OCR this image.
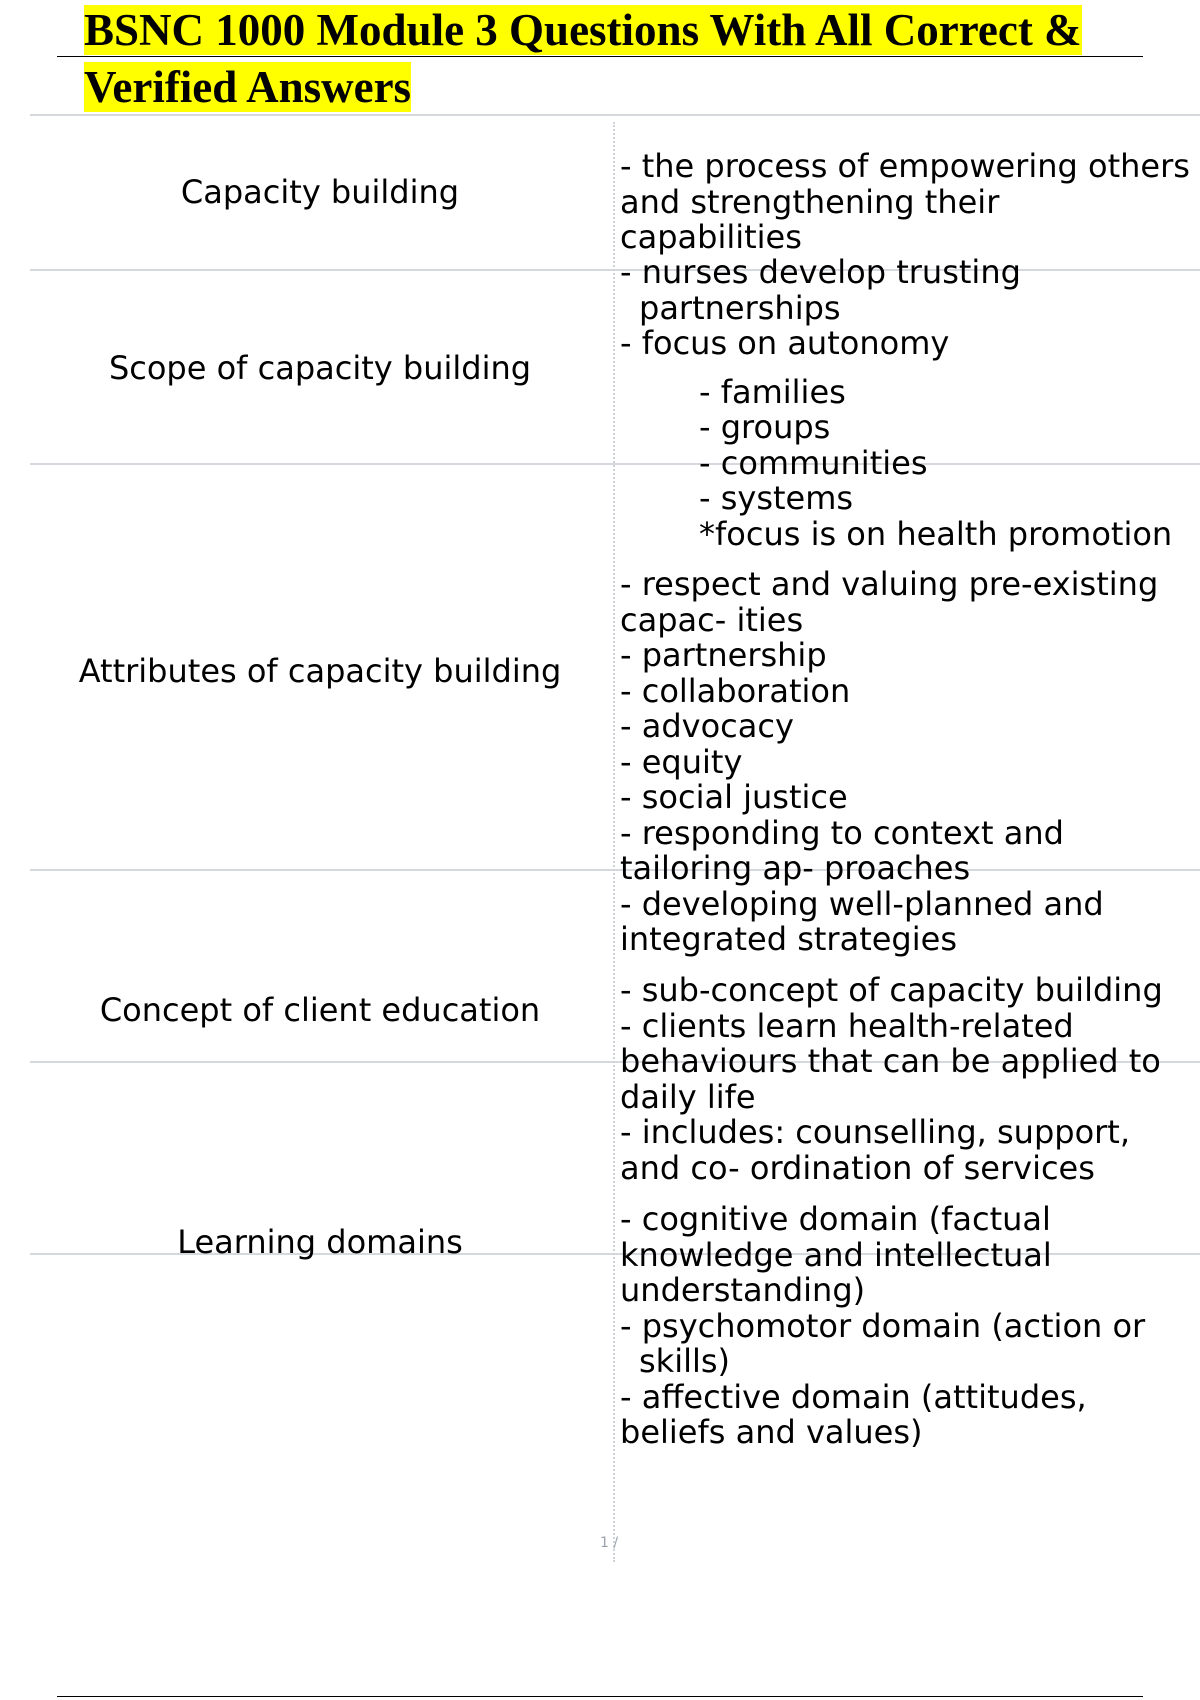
BSNC 1000 Module 3 Questions With All Correct & Verified Answers
Capacity building
- the process of empowering others and strengthening their capabilities
Scope of capacity building
- nurses develop trusting partnerships
- focus on autonomy
- families
- groups
- communities
- systems
*focus is on health promotion
Attributes of capacity building
- respect and valuing pre-existing capac- ities
- partnership
- collaboration
- advocacy
- equity
- social justice
- responding to context and tailoring ap- proaches
- developing well-planned and integrated strategies
Concept of client education
- sub-concept of capacity building
- clients learn health-related behaviours that can be applied to daily life
- includes: counselling, support, and co- ordination of services
Learning domains
- cognitive domain (factual knowledge and intellectual understanding)
- psychomotor domain (action or skills)
- affective domain (attitudes, beliefs and values)
1 /
